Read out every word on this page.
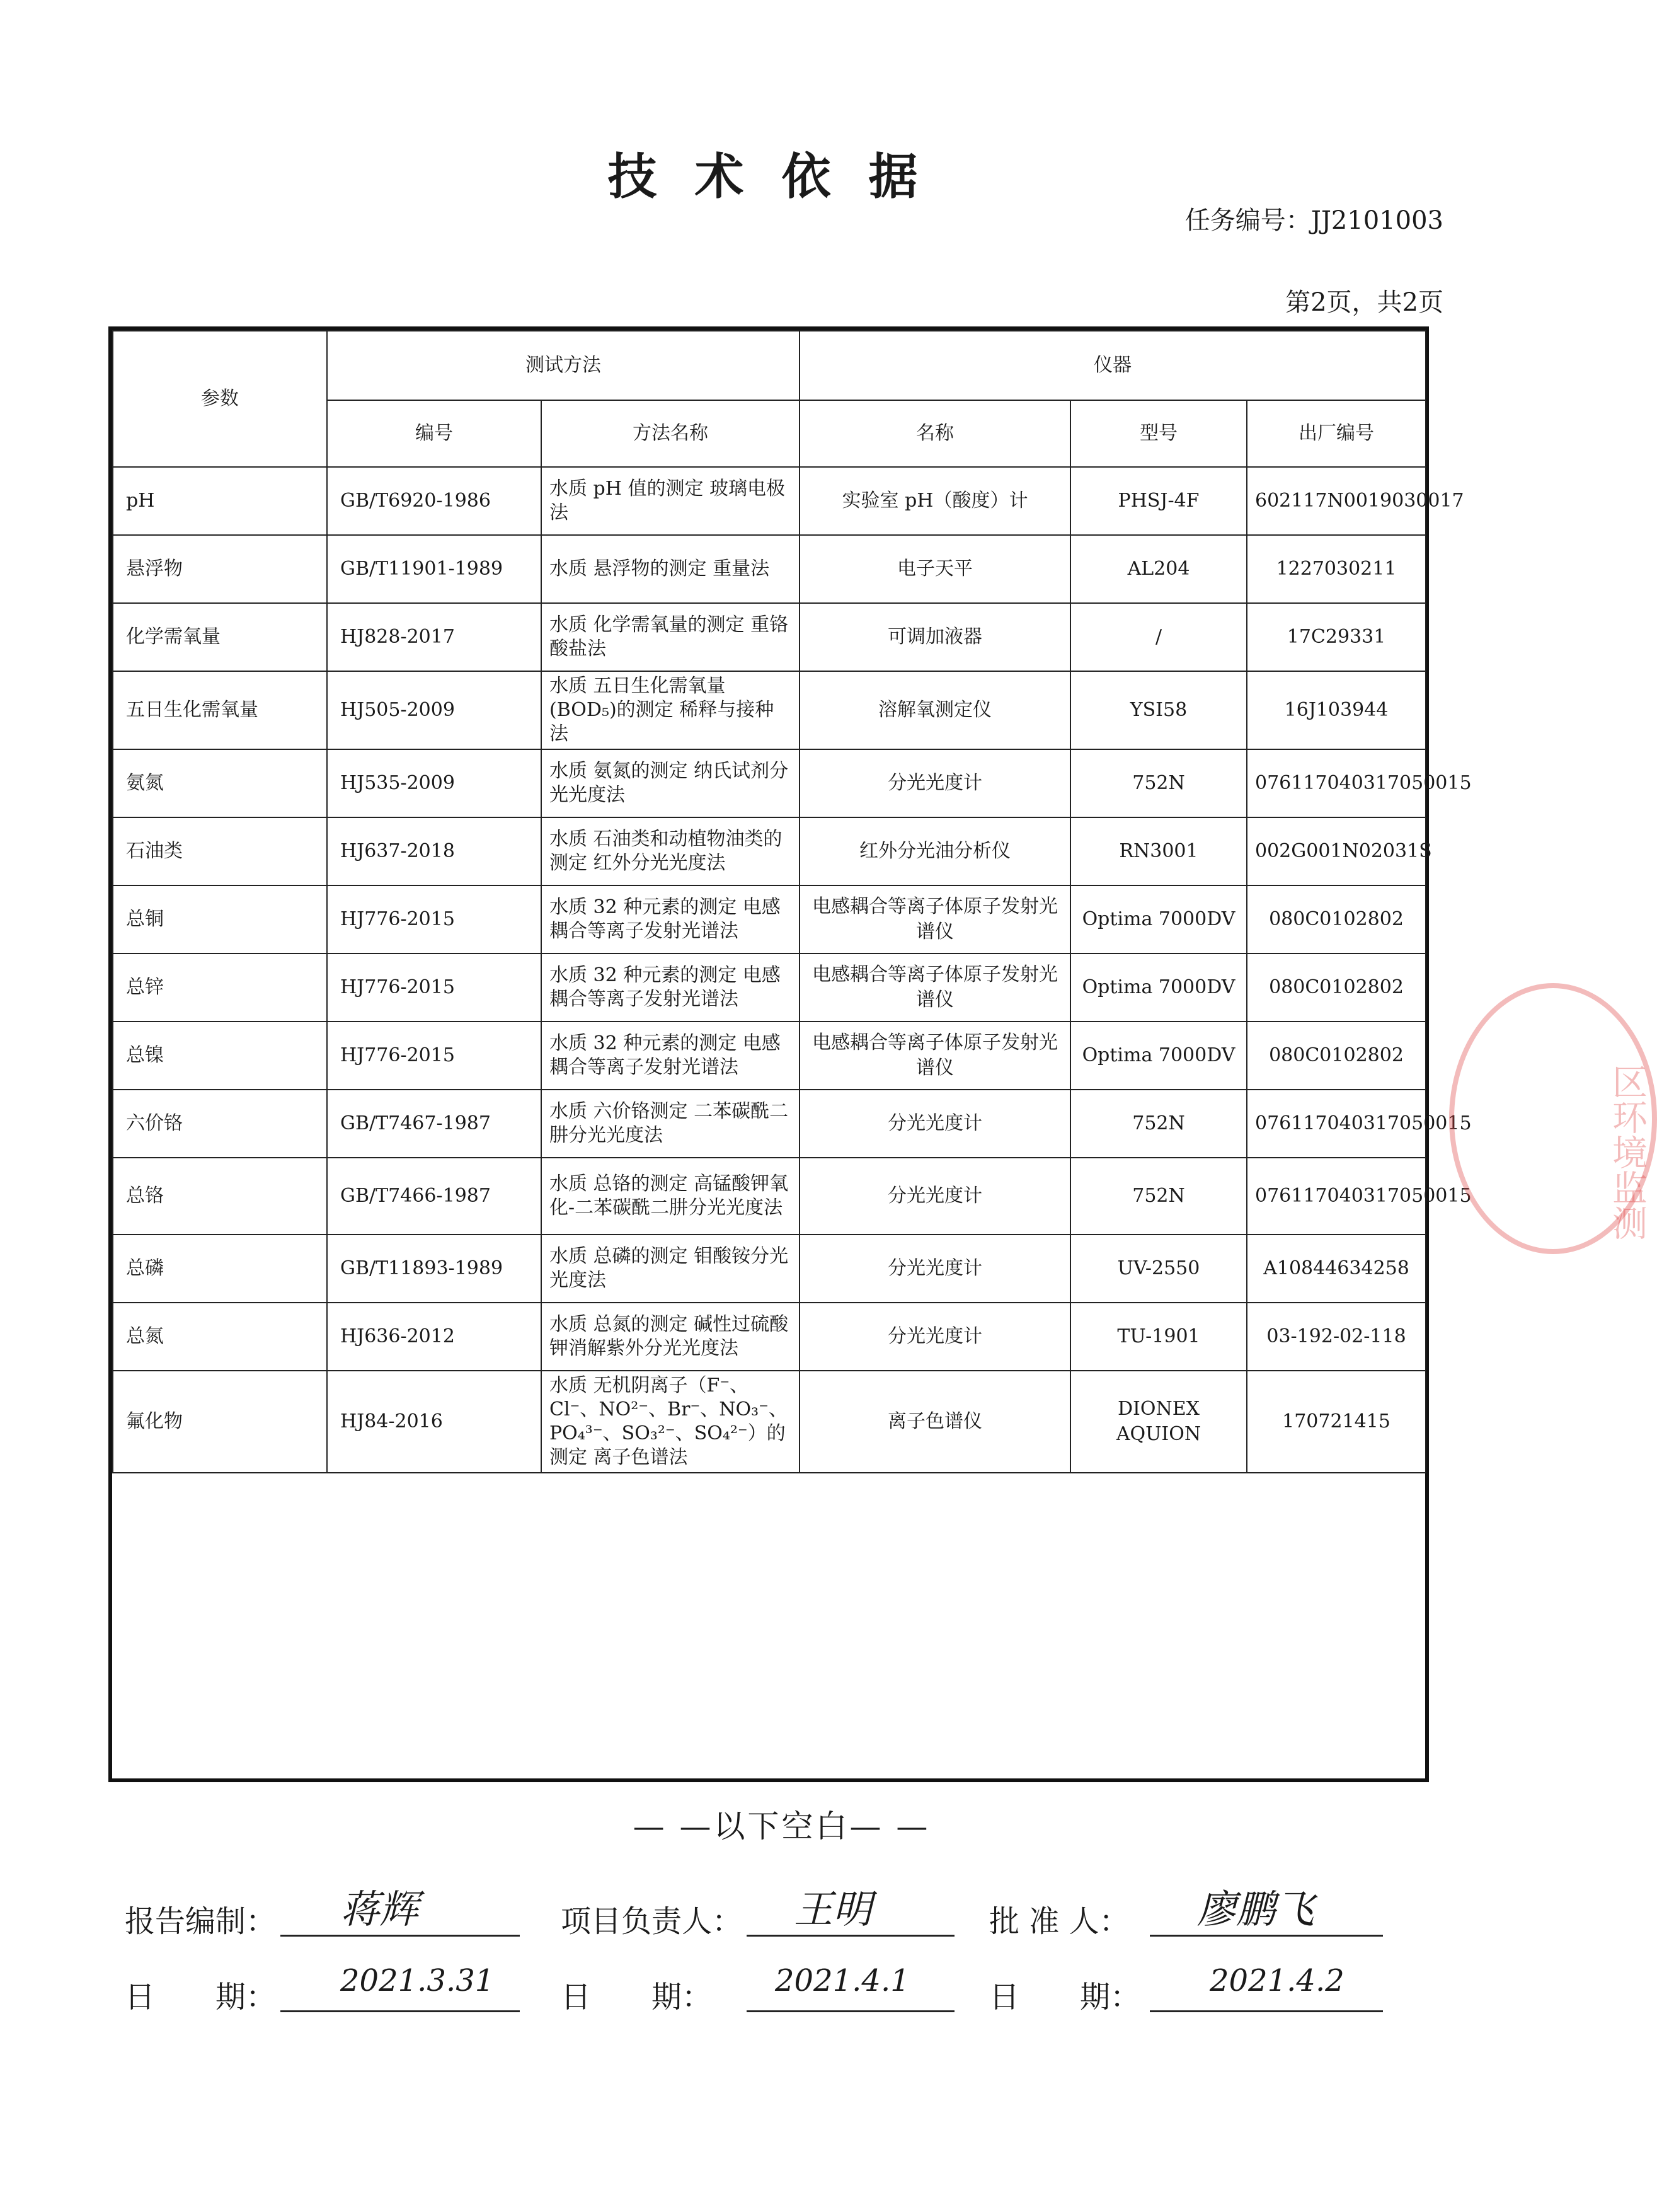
技术依据
任务编号：JJ2101003
第2页，共2页
参数	测试方法		仪器		
	编号	方法名称	名称	型号	出厂编号
pH	GB/T6920-1986	水质 pH 值的测定 玻璃电极法	实验室 pH（酸度）计	PHSJ-4F	602117N0019030017
悬浮物	GB/T11901-1989	水质 悬浮物的测定 重量法	电子天平	AL204	1227030211
化学需氧量	HJ828-2017	水质 化学需氧量的测定 重铬酸盐法	可调加液器	/	17C29331
五日生化需氧量	HJ505-2009	水质 五日生化需氧量(BOD₅)的测定 稀释与接种法	溶解氧测定仪	YSI58	16J103944
氨氮	HJ535-2009	水质 氨氮的测定 纳氏试剂分光光度法	分光光度计	752N	076117040317050015
石油类	HJ637-2018	水质 石油类和动植物油类的测定 红外分光光度法	红外分光油分析仪	RN3001	002G001N02031S
总铜	HJ776-2015	水质 32 种元素的测定 电感耦合等离子发射光谱法	电感耦合等离子体原子发射光谱仪	Optima 7000DV	080C0102802
总锌	HJ776-2015	水质 32 种元素的测定 电感耦合等离子发射光谱法	电感耦合等离子体原子发射光谱仪	Optima 7000DV	080C0102802
总镍	HJ776-2015	水质 32 种元素的测定 电感耦合等离子发射光谱法	电感耦合等离子体原子发射光谱仪	Optima 7000DV	080C0102802
六价铬	GB/T7467-1987	水质 六价铬测定 二苯碳酰二肼分光光度法	分光光度计	752N	076117040317050015
总铬	GB/T7466-1987	水质 总铬的测定 高锰酸钾氧化-二苯碳酰二肼分光光度法	分光光度计	752N	076117040317050015
总磷	GB/T11893-1989	水质 总磷的测定 钼酸铵分光光度法	分光光度计	UV-2550	A10844634258
总氮	HJ636-2012	水质 总氮的测定 碱性过硫酸钾消解紫外分光光度法	分光光度计	TU-1901	03-192-02-118
氟化物	HJ84-2016	水质 无机阴离子（F⁻、Cl⁻、NO²⁻、Br⁻、NO₃⁻、PO₄³⁻、SO₃²⁻、SO₄²⁻）的测定 离子色谱法	离子色谱仪	DIONEX AQUION	170721415
— —以下空白— —
报告编制： 蒋辉	项目负责人： 王明	批 准 人： 廖鹏飞
日　　期： 2021.3.31 日　　期： 2021.4.1	日　　期： 2021.4.2
区环境监测
